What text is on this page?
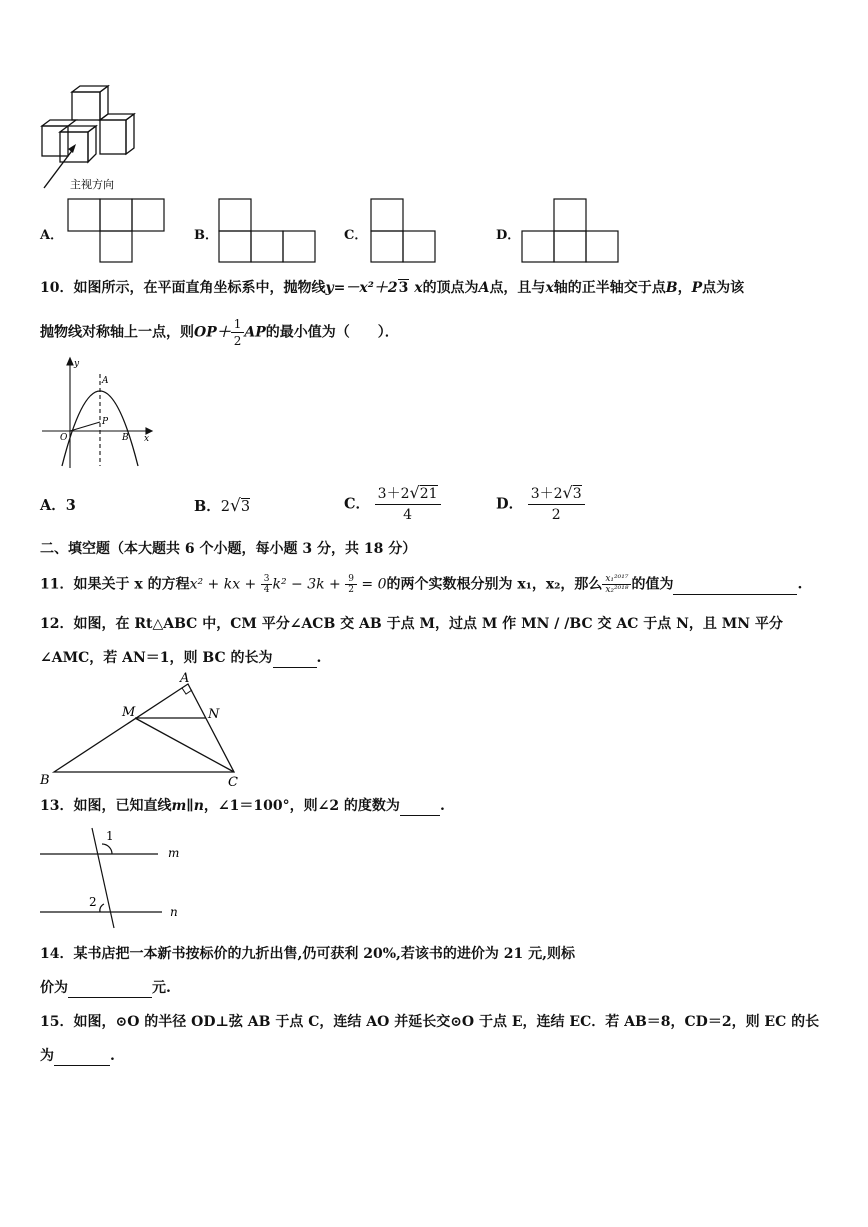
主视方向
A．	B．	C．	D．
10．如图所示，在平面直角坐标系中，抛物线y=－x²＋23 x的顶点为A点，且与x轴的正半轴交于点B，P点为该
抛物线对称轴上一点，则$OP+ \frac{1}{2}$ AP的最小值为（　　）．
y
A
P
O	B x
A．3	B．2√3	C． $\frac{3+2√21}{4}$	D． $\frac{3+2√3}{2}$
二、填空题（本大题共 6 个小题，每小题 3 分，共 18 分）
11．如果关于 x 的方程x² + kx + $\frac{3}{4} k^2 - 3k + \frac{9}{2} = 0$的两个实数根分别为 x₁，x₂，那么 $\frac{\text{x₁²⁰¹⁷}}{\text{x₂²⁰¹⁸}}$ 的值为	.
12．如图，在 Rt△ABC 中，CM 平分∠ACB 交 AB 于点 M，过点 M 作 MN / /BC 交 AC 于点 N，且 MN 平分
∠AMC，若 AN＝1，则 BC 的长为	.
A
M	N
B	C
13．如图，已知直线m∥n，∠1＝100°，则∠2 的度数为	.
1
2
m
n
14．某书店把一本新书按标价的九折出售,仍可获利 20%,若该书的进价为 21 元,则标
价为	元.
15．如图，⊙O 的半径 OD⊥弦 AB 于点 C，连结 AO 并延长交⊙O 于点 E，连结 EC．若 AB＝8，CD＝2，则 EC 的长
为	.
